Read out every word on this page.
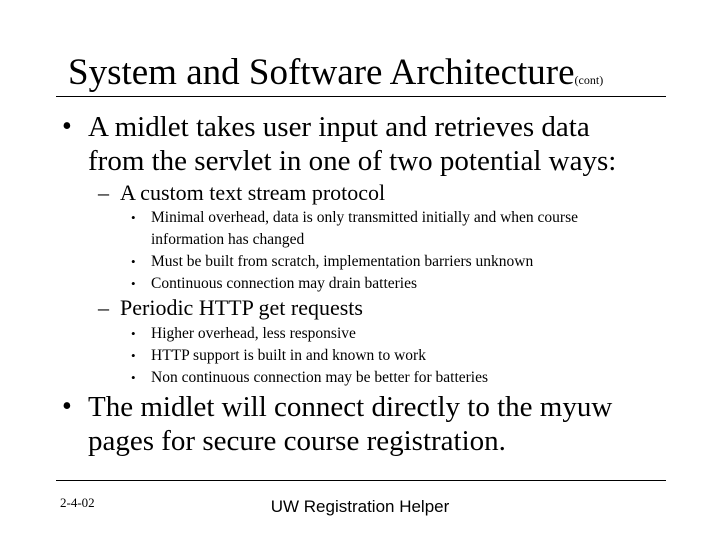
System and Software Architecture(cont)
• A midlet takes user input and retrieves data
from the servlet in one of two potential ways:
– A custom text stream protocol
• Minimal overhead, data is only transmitted initially and when course
information has changed
• Must be built from scratch, implementation barriers unknown
• Continuous connection may drain batteries
– Periodic HTTP get requests
• Higher overhead, less responsive
• HTTP support is built in and known to work
• Non continuous connection may be better for batteries
• The midlet will connect directly to the myuw
pages for secure course registration.
2-4-02	UW Registration Helper
